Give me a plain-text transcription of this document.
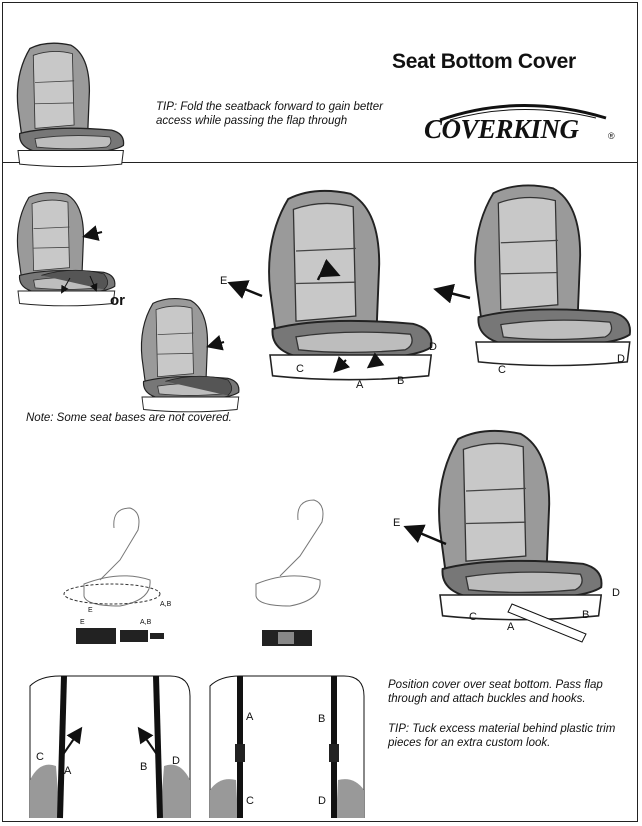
Seat Bottom Cover
TIP: Fold the seatback forward to gain better access while passing the flap through	COVERKING	®
E
C
A	B
D
C
D
E
C
A
B
D
E
A,B
E	A,B
C
A	B D
A	B
C	D
or
Note: Some seat bases are not covered.
Position cover over seat bottom. Pass flap through and attach buckles and hooks.
TIP: Tuck excess material behind plastic trim pieces for an extra custom look.
